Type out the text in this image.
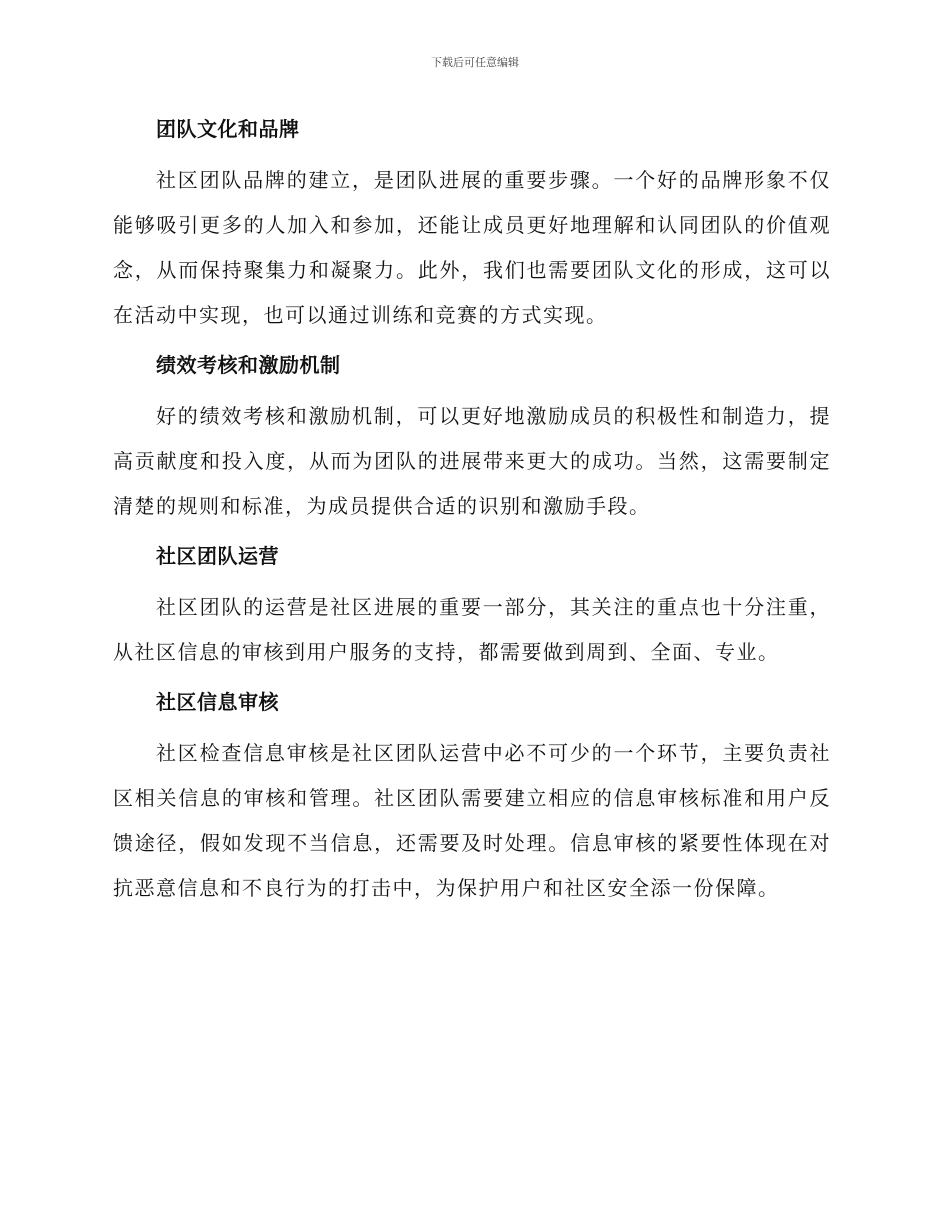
下载后可任意编辑
团队文化和品牌

社区团队品牌的建立，是团队进展的重要步骤。一个好的品牌形象不仅能够吸引更多的人加入和参加，还能让成员更好地理解和认同团队的价值观念，从而保持聚集力和凝聚力。此外，我们也需要团队文化的形成，这可以在活动中实现，也可以通过训练和竞赛的方式实现。

绩效考核和激励机制

好的绩效考核和激励机制，可以更好地激励成员的积极性和制造力，提高贡献度和投入度，从而为团队的进展带来更大的成功。当然，这需要制定清楚的规则和标准，为成员提供合适的识别和激励手段。

社区团队运营

社区团队的运营是社区进展的重要一部分，其关注的重点也十分注重，从社区信息的审核到用户服务的支持，都需要做到周到、全面、专业。

社区信息审核

社区检查信息审核是社区团队运营中必不可少的一个环节，主要负责社区相关信息的审核和管理。社区团队需要建立相应的信息审核标准和用户反馈途径，假如发现不当信息，还需要及时处理。信息审核的紧要性体现在对抗恶意信息和不良行为的打击中，为保护用户和社区安全添一份保障。
